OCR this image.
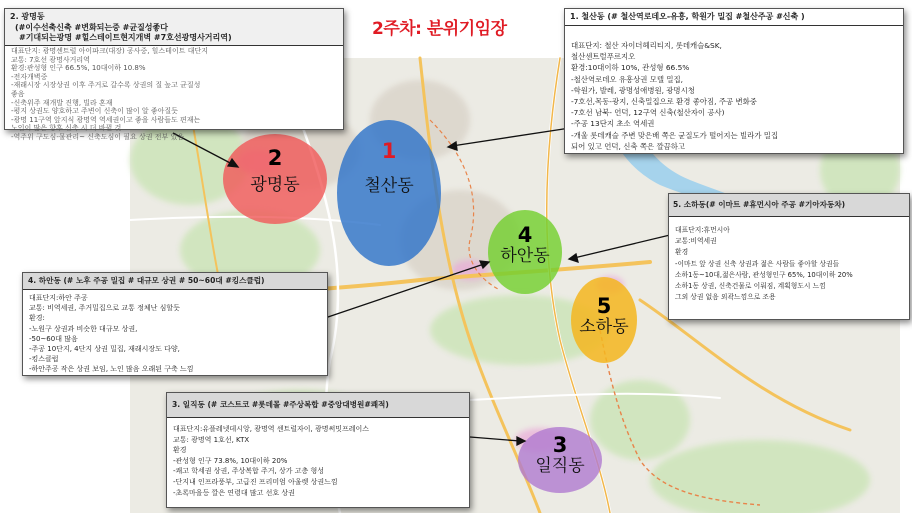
2주차: 분위기임장
1
철산동
2
광명동
4
하안동
5
소하동
3
일직동
2. 광명동
(#이수선축신축 #변화되는중 #균질성좋다
#기대되는광명 #힐스테이트현지개벽 #7호선광명사거리역)
대표단지: 광명센트럴 아이파크(대장) 공사중, 힐스테이트 대단지
교통: 7호선 광명사거리역
환경:관성형 인구 66.5%, 10대이하 10.8%
-전자개벽중
-재래시장 시장상권 이후 주거로 갈수록 상권의 질 높고 균질성
좋음
-신축위주 재개발 진행, 빌라 혼재
-평지 상권도 양호하고 주변이 신축이 많이 알 좋아질듯
-광명 11구역 앞지식 광명역 역세권이고 좋을 사람들도 편재는
노인이 많은 향후 신축 시 더 바뀔 것
-역주위 구도심-물관리~ 신축도심이 필요 상권 전부 있음
1. 철산동 (# 철산역로데오-유흥, 학원가 밀집 #철산주공 #신축 )
대표단지: 철산 자이더헤리티지, 롯데캐슬&SK,
철산센트럴푸르지오
환경:10대이하 10%, 관성형 66.5%
-철산역로데오 유흥상권 모텔 밀집,
-학원가, 발레, 광명성애병원, 광명시청
-7호선,목동-광지, 신축밀집으로 환경 좋아짐, 주공 변화중
-7호선 남북- 언덕, 12구역 신축(철산자이 공사)
-주공 13단지 초소 역세권
-개울 롯데캐슬 주변 맞은배 쪽은 균질도가 떨어지는 빌라가 밀집
되어 있고 언덕, 신축 쪽은 깔끔하고
5. 소하동(# 이마트 #휴먼시아 주공 #기아자동차)
대표단지:휴먼시아
교통:비역세권
환경
-이마트 앞 상권 신축 상권과 젊은 사람들 좋아할 상권들
소하1동~10대,젊은사람, 관성형인구 65%, 10대이하 20%
소하1동 상권, 신축건물로 이뤄짐, 계획형도시 느낌
그외 상권 없음 외곽느낌으로 조용
4. 하안동 (# 노후 주공 밀집 # 대규모 상권 # 50~60대 #킹스클럽)
대표단지:하안 주공
교통: 비역세권, 주거밀집으로 교통 정체난 심할듯
환경:
-노원구 상권과 비슷한 대규모 상권,
-50~60대 많음
-주공 10단지, 4단지 상권 밀집, 재래시장도 다양,
-킹스클럽
-하안주공 작은 상권 보임, 노인 많음 오래된 구축 느낌
3. 일직동 (# 코스트코 #롯데몰 #주상복합 #중앙대병원#쾌적)
대표단지:유플레넷데시앙, 광명역 센트럴자이, 광명써밋프레이스
교통: 광명역 1호선, KTX
환경
-관성형 인구 73.8%, 10대이하 20%
-쾌고 학세권 상권, 주상복합 주거, 상가 고층 형성
-단지내 인프라풍부, 고급진 프리미엄 아울렛 상권느낌
-초록마을등 깔은 연령대 많고 선호 상권
